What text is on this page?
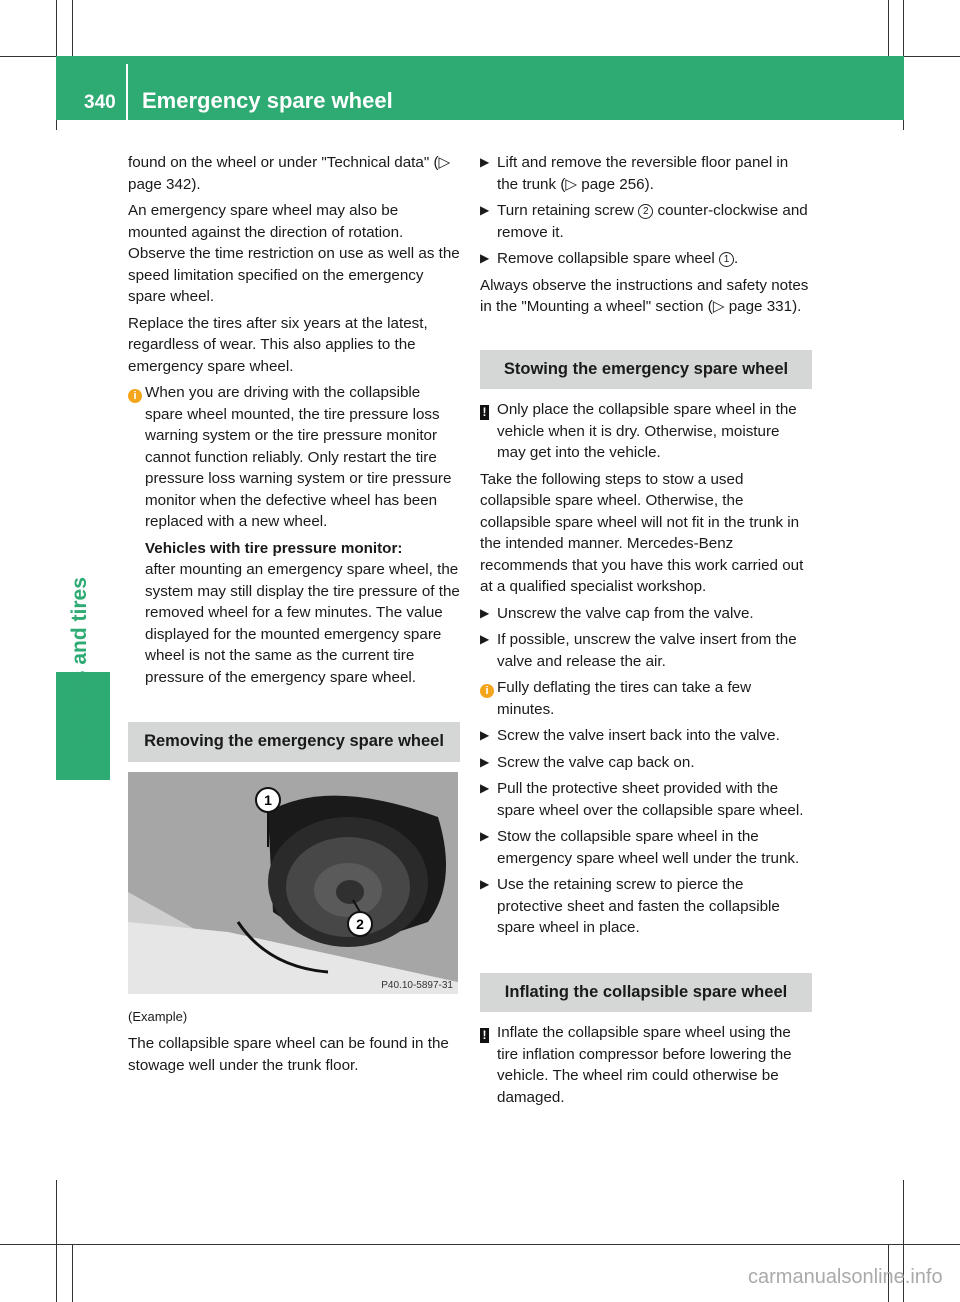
340 Emergency spare wheel
Wheels and tires

found on the wheel or under "Technical data" (▷ page 342).

An emergency spare wheel may also be mounted against the direction of rotation. Observe the time restriction on use as well as the speed limitation specified on the emergency spare wheel.

Replace the tires after six years at the latest, regardless of wear. This also applies to the emergency spare wheel.

i When you are driving with the collapsible spare wheel mounted, the tire pressure loss warning system or the tire pressure monitor cannot function reliably. Only restart the tire pressure loss warning system or tire pressure monitor when the defective wheel has been replaced with a new wheel.

Vehicles with tire pressure monitor:

after mounting an emergency spare wheel, the system may still display the tire pressure of the removed wheel for a few minutes. The value displayed for the mounted emergency spare wheel is not the same as the current tire pressure of the emergency spare wheel.

Removing the emergency spare wheel
1
2
P40.10-5897-31

(Example)

The collapsible spare wheel can be found in the stowage well under the trunk floor.

▶ Lift and remove the reversible floor panel in the trunk (▷ page 256).
▶ Turn retaining screw 2 counter-clockwise and remove it.
▶ Remove collapsible spare wheel 1 .

Always observe the instructions and safety notes in the "Mounting a wheel" section (▷ page 331).

Stowing the emergency spare wheel
! Only place the collapsible spare wheel in the vehicle when it is dry. Otherwise, moisture may get into the vehicle.

Take the following steps to stow a used collapsible spare wheel. Otherwise, the collapsible spare wheel will not fit in the trunk in the intended manner. Mercedes-Benz recommends that you have this work carried out at a qualified specialist workshop.

▶ Unscrew the valve cap from the valve.
▶ If possible, unscrew the valve insert from the valve and release the air.
i Fully deflating the tires can take a few minutes.

▶ Screw the valve insert back into the valve.
▶ Screw the valve cap back on.
▶ Pull the protective sheet provided with the spare wheel over the collapsible spare wheel.
▶ Stow the collapsible spare wheel in the emergency spare wheel well under the trunk.
▶ Use the retaining screw to pierce the protective sheet and fasten the collapsible spare wheel in place.
Inflating the collapsible spare wheel
! Inflate the collapsible spare wheel using the tire inflation compressor before lowering the vehicle. The wheel rim could otherwise be damaged.

carmanualsonline.info
